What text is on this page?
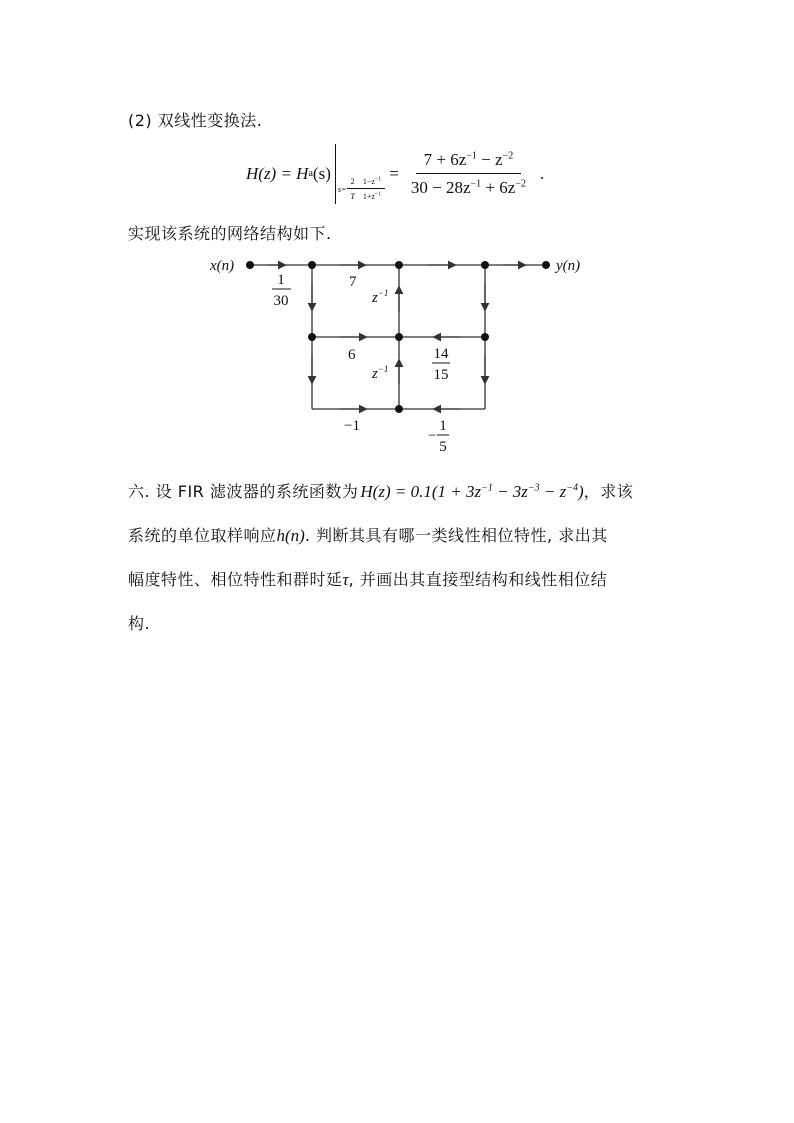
(2) 双线性变换法.
H(z) = H a (s)
$s= \frac{2}{T} \frac{1-z^{-1}}{1+z^{-1}}$
= $\frac{7 + 6z^{-1} - z^{-2}}{30 - 28z^{-1} + 6z^{-2}}$ .
实现该系统的网络结构如下.
x(n)	y(n)
1
30
7
6
−1
$z^{-1}$
$z^{-1}$
14
15
−
1
5
六. 设 FIR 滤波器的系统函数为 $H(z) = 0.1(1 + 3z^{-1} - 3z^{-3} - z^{-4})$ ，求该
系统的单位取样响应h(n). 判断其具有哪一类线性相位特性, 求出其
幅度特性、相位特性和群时延τ, 并画出其直接型结构和线性相位结
构.
